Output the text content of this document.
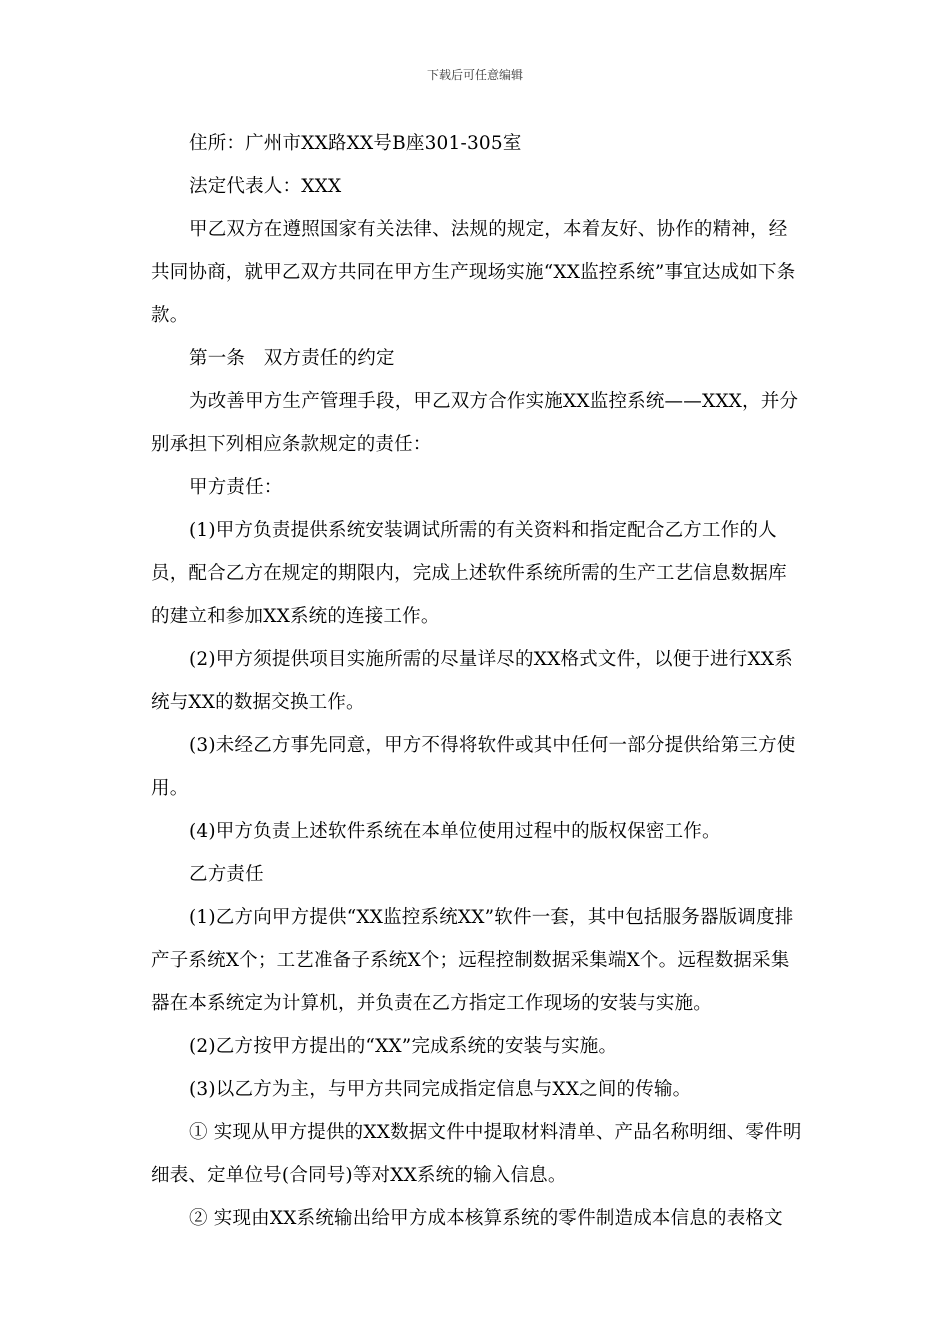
下载后可任意编辑

住所：广州市XX路XX号B座301-305室

法定代表人：XXX

甲乙双方在遵照国家有关法律、法规的规定，本着友好、协作的精神，经共同协商，就甲乙双方共同在甲方生产现场实施“XX监控系统”事宜达成如下条款。

第一条　双方责任的约定

为改善甲方生产管理手段，甲乙双方合作实施XX监控系统——XXX，并分别承担下列相应条款规定的责任：

甲方责任：

(1)甲方负责提供系统安装调试所需的有关资料和指定配合乙方工作的人员，配合乙方在规定的期限内，完成上述软件系统所需的生产工艺信息数据库的建立和参加XX系统的连接工作。

(2)甲方须提供项目实施所需的尽量详尽的XX格式文件，以便于进行XX系统与XX的数据交换工作。

(3)未经乙方事先同意，甲方不得将软件或其中任何一部分提供给第三方使用。

(4)甲方负责上述软件系统在本单位使用过程中的版权保密工作。

乙方责任

(1)乙方向甲方提供“XX监控系统XX”软件一套，其中包括服务器版调度排产子系统X个；工艺准备子系统X个；远程控制数据采集端X个。远程数据采集器在本系统定为计算机，并负责在乙方指定工作现场的安装与实施。

(2)乙方按甲方提出的“XX”完成系统的安装与实施。

(3)以乙方为主，与甲方共同完成指定信息与XX之间的传输。

① 实现从甲方提供的XX数据文件中提取材料清单、产品名称明细、零件明细表、定单位号(合同号)等对XX系统的输入信息。

② 实现由XX系统输出给甲方成本核算系统的零件制造成本信息的表格文
